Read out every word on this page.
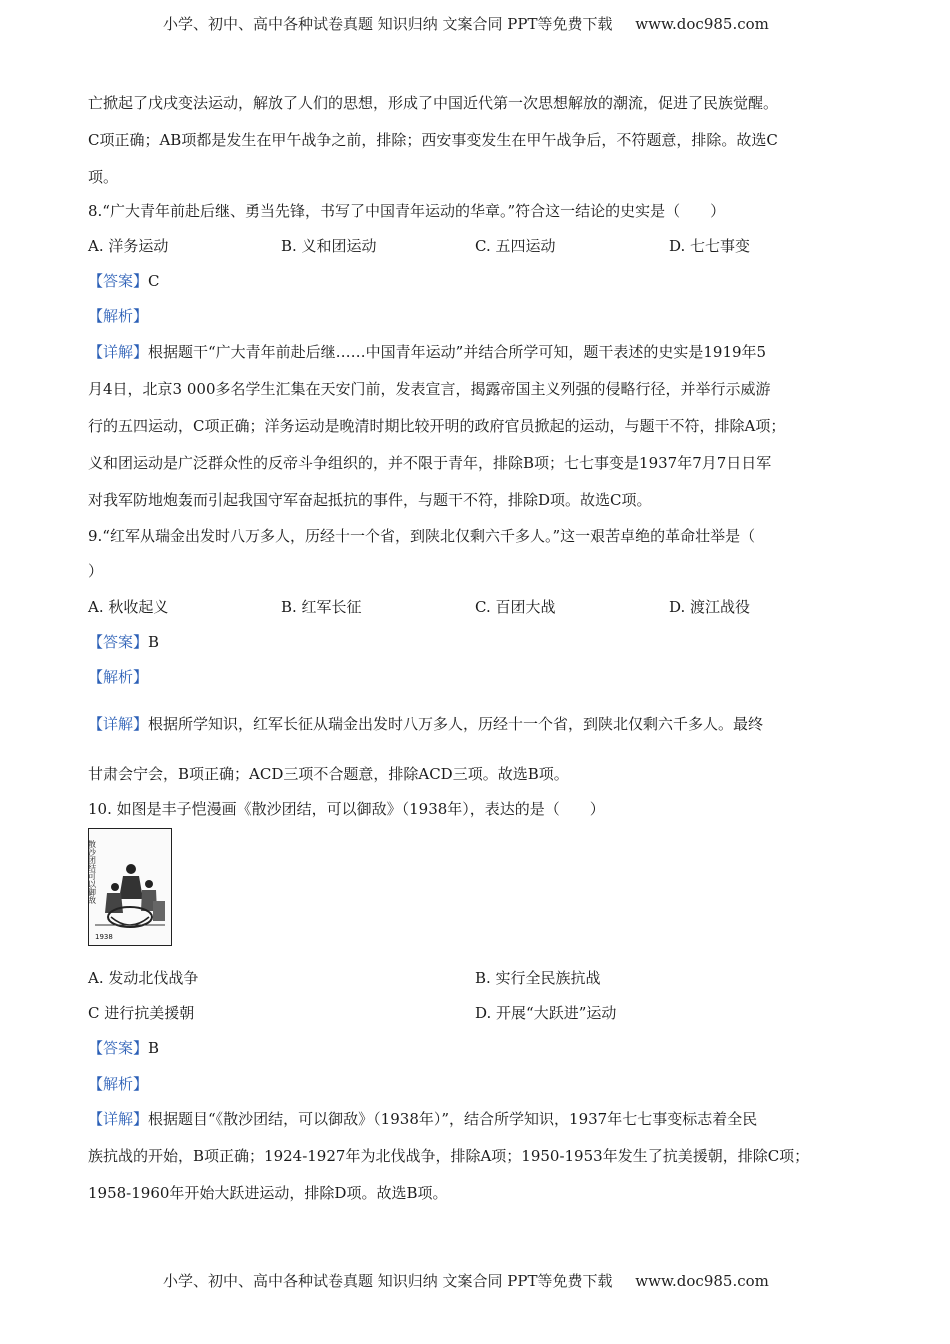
小学、初中、高中各种试卷真题 知识归纳 文案合同 PPT等免费下载 www.doc985.com
亡掀起了戊戌变法运动，解放了人们的思想，形成了中国近代第一次思想解放的潮流，促进了民族觉醒。
C项正确；AB项都是发生在甲午战争之前，排除；西安事变发生在甲午战争后，不符题意，排除。故选C
项。
8.“广大青年前赴后继、勇当先锋，书写了中国青年运动的华章。”符合这一结论的史实是（　　）
A. 洋务运动	B. 义和团运动	C. 五四运动	D. 七七事变
【答案】C
【解析】
【详解】根据题干“广大青年前赴后继……中国青年运动”并结合所学可知，题干表述的史实是1919年5
月4日，北京3 000多名学生汇集在天安门前，发表宣言，揭露帝国主义列强的侵略行径，并举行示威游
行的五四运动，C项正确；洋务运动是晚清时期比较开明的政府官员掀起的运动，与题干不符，排除A项；
义和团运动是广泛群众性的反帝斗争组织的，并不限于青年，排除B项；七七事变是1937年7月7日日军
对我军防地炮轰而引起我国守军奋起抵抗的事件，与题干不符，排除D项。故选C项。
9.“红军从瑞金出发时八万多人，历经十一个省，到陕北仅剩六千多人。”这一艰苦卓绝的革命壮举是（
）
A. 秋收起义	B. 红军长征	C. 百团大战	D. 渡江战役
【答案】B
【解析】
【详解】根据所学知识，红军长征从瑞金出发时八万多人，历经十一个省，到陕北仅剩六千多人。最终
甘肃会宁会，B项正确；ACD三项不合题意，排除ACD三项。故选B项。
10. 如图是丰子恺漫画《散沙团结，可以御敌》（1938年），表达的是（　　）
散沙团结可以御敌
1938
A. 发动北伐战争	B. 实行全民族抗战
C 进行抗美援朝	D. 开展“大跃进”运动
【答案】B
【解析】
【详解】根据题目“《散沙团结，可以御敌》（1938年）”，结合所学知识，1937年七七事变标志着全民
族抗战的开始，B项正确；1924-1927年为北伐战争，排除A项；1950-1953年发生了抗美援朝，排除C项；
1958-1960年开始大跃进运动，排除D项。故选B项。
小学、初中、高中各种试卷真题 知识归纳 文案合同 PPT等免费下载 www.doc985.com
